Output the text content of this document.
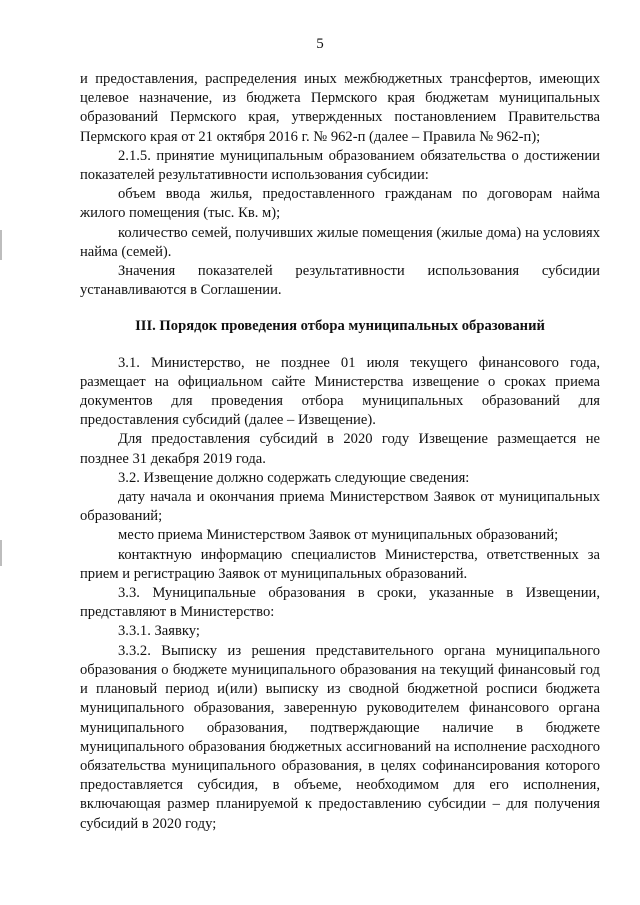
5

и предоставления, распределения иных межбюджетных трансфертов, имеющих целевое назначение, из бюджета Пермского края бюджетам муниципальных образований Пермского края, утвержденных постановлением Правительства Пермского края от 21 октября 2016 г. № 962-п (далее – Правила № 962-п);

2.1.5. принятие муниципальным образованием обязательства о достижении показателей результативности использования субсидии:

объем ввода жилья, предоставленного гражданам по договорам найма жилого помещения (тыс. Кв. м);

количество семей, получивших жилые помещения (жилые дома) на условиях найма (семей).

Значения показателей результативности использования субсидии устанавливаются в Соглашении.

III. Порядок проведения отбора муниципальных образований

3.1. Министерство, не позднее 01 июля текущего финансового года, размещает на официальном сайте Министерства извещение о сроках приема документов для проведения отбора муниципальных образований для предоставления субсидий (далее – Извещение).

Для предоставления субсидий в 2020 году Извещение размещается не позднее 31 декабря 2019 года.

3.2. Извещение должно содержать следующие сведения:

дату начала и окончания приема Министерством Заявок от муниципальных образований;

место приема Министерством Заявок от муниципальных образований;

контактную информацию специалистов Министерства, ответственных за прием и регистрацию Заявок от муниципальных образований.

3.3. Муниципальные образования в сроки, указанные в Извещении, представляют в Министерство:

3.3.1. Заявку;

3.3.2. Выписку из решения представительного органа муниципального образования о бюджете муниципального образования на текущий финансовый год и плановый период и(или) выписку из сводной бюджетной росписи бюджета муниципального образования, заверенную руководителем финансового органа муниципального образования, подтверждающие наличие в бюджете муниципального образования бюджетных ассигнований на исполнение расходного обязательства муниципального образования, в целях софинансирования которого предоставляется субсидия, в объеме, необходимом для его исполнения, включающая размер планируемой к предоставлению субсидии – для получения субсидий в 2020 году;
